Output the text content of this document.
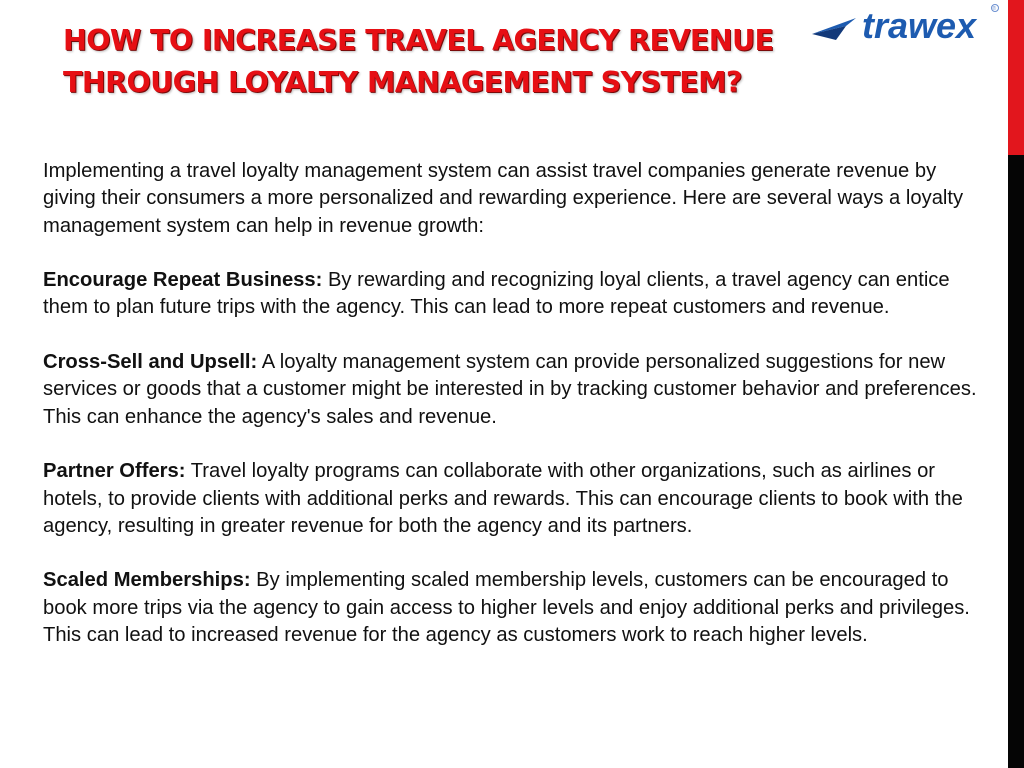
HOW TO INCREASE TRAVEL AGENCY REVENUE THROUGH LOYALTY MANAGEMENT SYSTEM?
trawex	®

Implementing a travel loyalty management system can assist travel companies generate revenue by giving their consumers a more personalized and rewarding experience. Here are several ways a loyalty management system can help in revenue growth:

Encourage Repeat Business: By rewarding and recognizing loyal clients, a travel agency can entice them to plan future trips with the agency. This can lead to more repeat customers and revenue.

Cross-Sell and Upsell: A loyalty management system can provide personalized suggestions for new services or goods that a customer might be interested in by tracking customer behavior and preferences. This can enhance the agency's sales and revenue.

Partner Offers: Travel loyalty programs can collaborate with other organizations, such as airlines or hotels, to provide clients with additional perks and rewards. This can encourage clients to book with the agency, resulting in greater revenue for both the agency and its partners.

Scaled Memberships: By implementing scaled membership levels, customers can be encouraged to book more trips via the agency to gain access to higher levels and enjoy additional perks and privileges. This can lead to increased revenue for the agency as customers work to reach higher levels.
